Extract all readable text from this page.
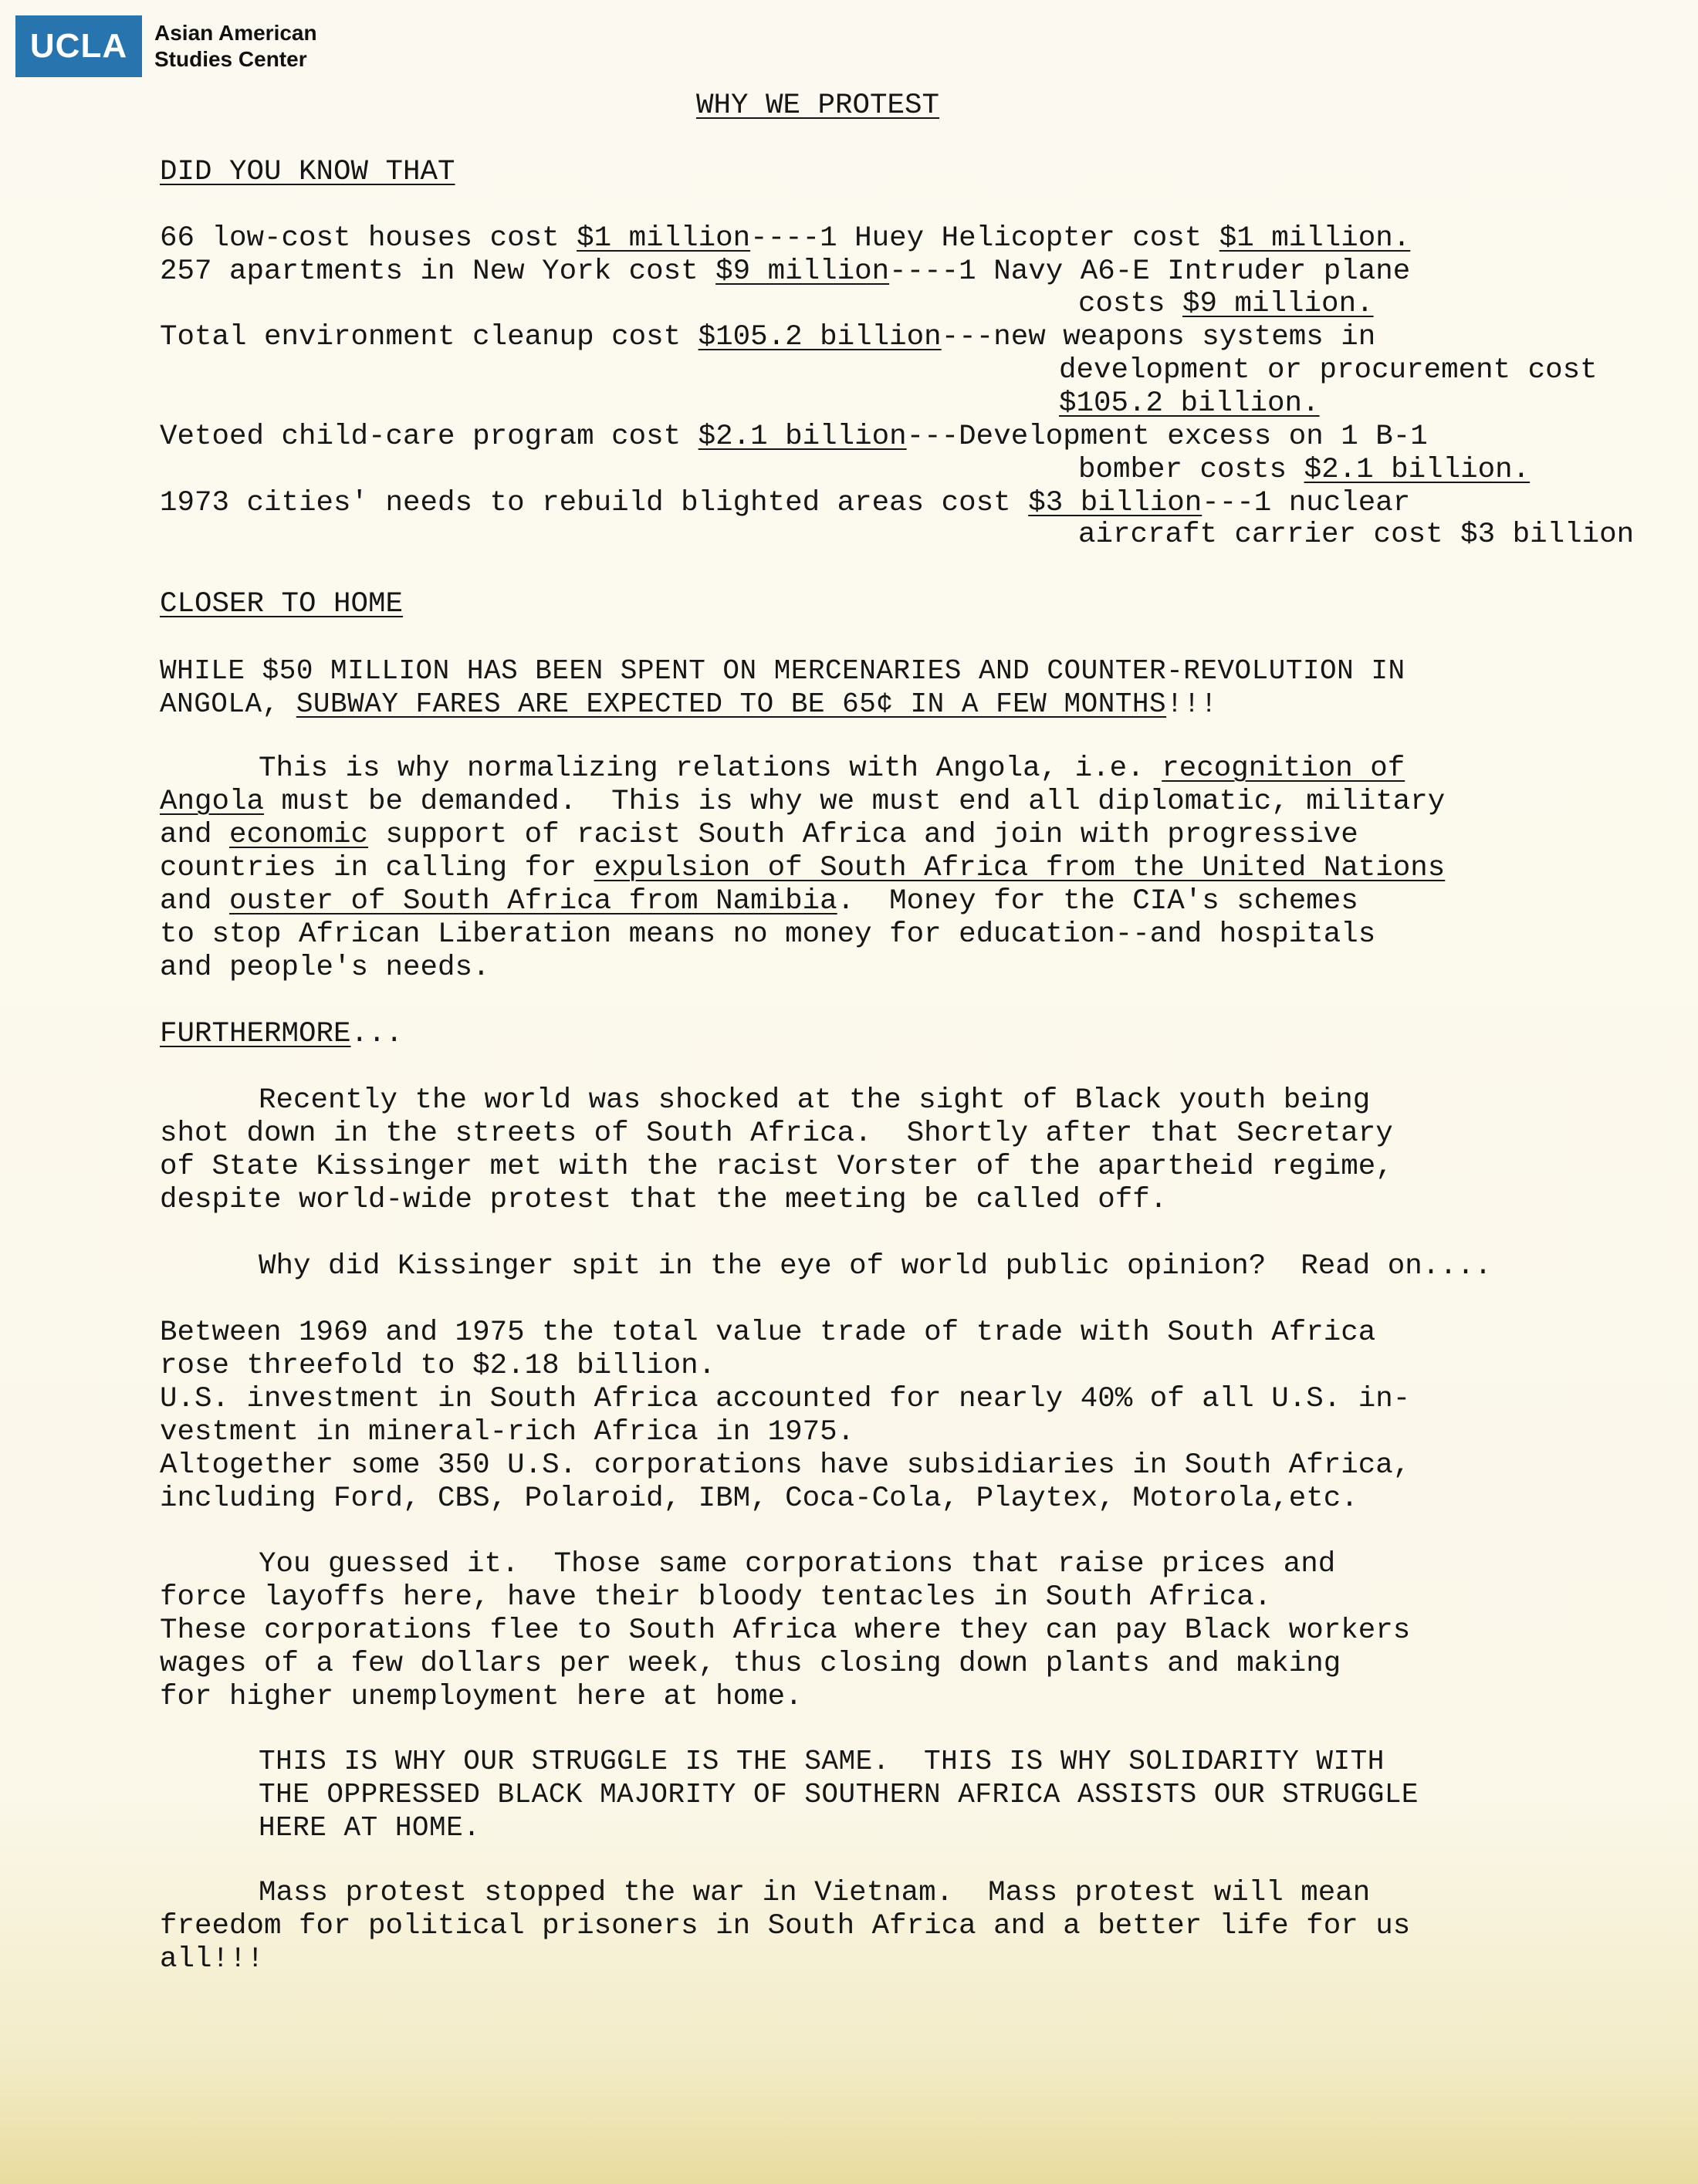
UCLA	Asian American
Studies Center

WHY WE PROTEST

DID YOU KNOW THAT

66 low-cost houses cost $1 million----1 Huey Helicopter cost $1 million.

257 apartments in New York cost $9 million----1 Navy A6-E Intruder plane

costs $9 million.

Total environment cleanup cost $105.2 billion---new weapons systems in

development or procurement cost

$105.2 billion.

Vetoed child-care program cost $2.1 billion---Development excess on 1 B-1

bomber costs $2.1 billion.

1973 cities' needs to rebuild blighted areas cost $3 billion---1 nuclear

aircraft carrier cost $3 billion

CLOSER TO HOME

WHILE $50 MILLION HAS BEEN SPENT ON MERCENARIES AND COUNTER-REVOLUTION IN

ANGOLA, SUBWAY FARES ARE EXPECTED TO BE 65¢ IN A FEW MONTHS!!!

This is why normalizing relations with Angola, i.e. recognition of

Angola must be demanded.  This is why we must end all diplomatic, military

and economic support of racist South Africa and join with progressive

countries in calling for expulsion of South Africa from the United Nations

and ouster of South Africa from Namibia.  Money for the CIA's schemes

to stop African Liberation means no money for education--and hospitals

and people's needs.

FURTHERMORE...

Recently the world was shocked at the sight of Black youth being

shot down in the streets of South Africa.  Shortly after that Secretary

of State Kissinger met with the racist Vorster of the apartheid regime,

despite world-wide protest that the meeting be called off.

Why did Kissinger spit in the eye of world public opinion?  Read on....

Between 1969 and 1975 the total value trade of trade with South Africa

rose threefold to $2.18 billion.

U.S. investment in South Africa accounted for nearly 40% of all U.S. in-

vestment in mineral-rich Africa in 1975.

Altogether some 350 U.S. corporations have subsidiaries in South Africa,

including Ford, CBS, Polaroid, IBM, Coca-Cola, Playtex, Motorola,etc.

You guessed it.  Those same corporations that raise prices and

force layoffs here, have their bloody tentacles in South Africa.

These corporations flee to South Africa where they can pay Black workers

wages of a few dollars per week, thus closing down plants and making

for higher unemployment here at home.

THIS IS WHY OUR STRUGGLE IS THE SAME.  THIS IS WHY SOLIDARITY WITH

THE OPPRESSED BLACK MAJORITY OF SOUTHERN AFRICA ASSISTS OUR STRUGGLE

HERE AT HOME.

Mass protest stopped the war in Vietnam.  Mass protest will mean

freedom for political prisoners in South Africa and a better life for us

all!!!
